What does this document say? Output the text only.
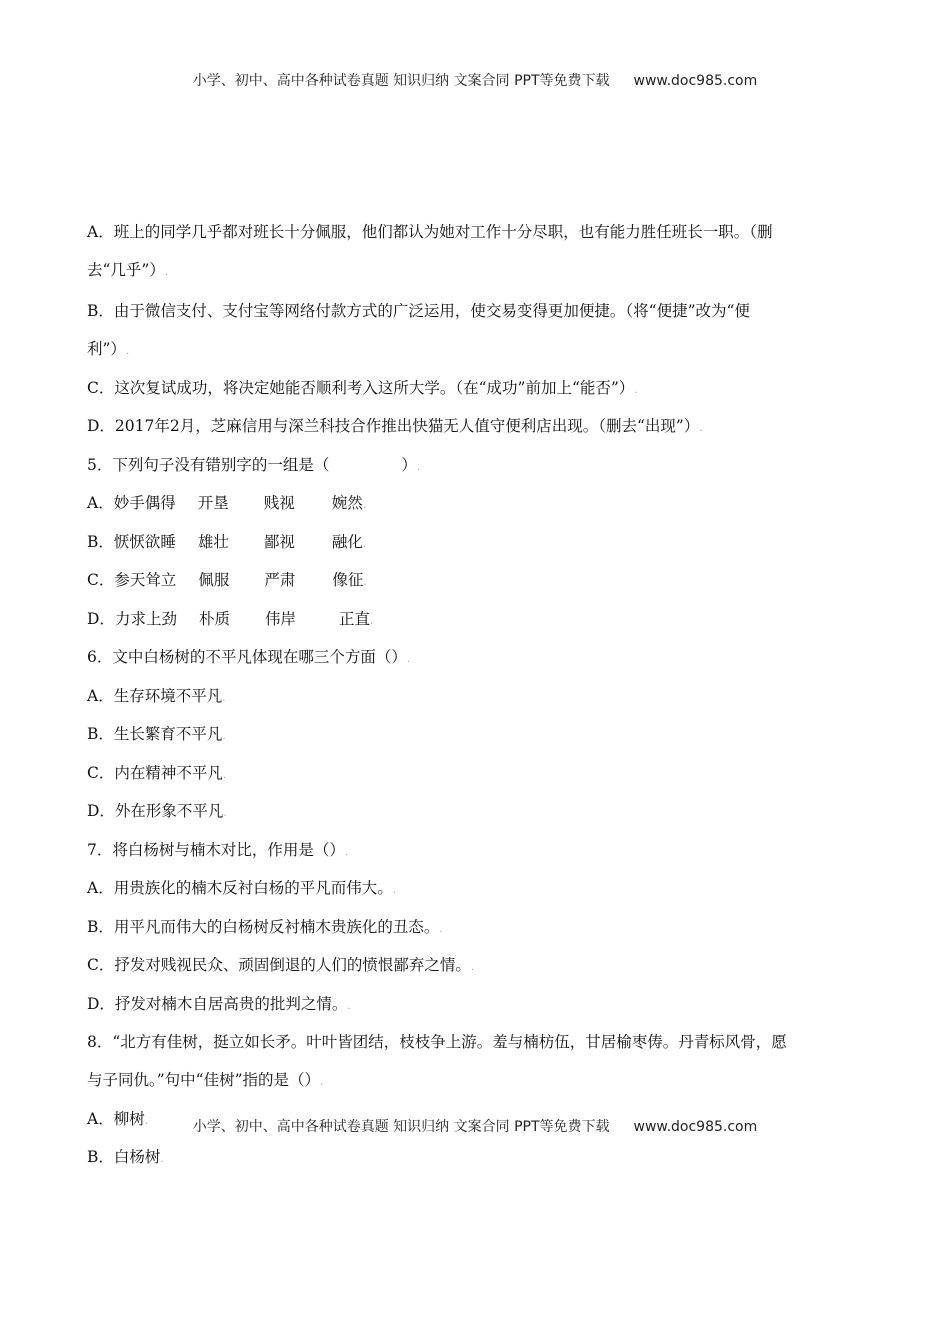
小学、初中、高中各种试卷真题 知识归纳 文案合同 PPT等免费下载 www.doc985.com

A．班上的同学几乎都对班长十分佩服，他们都认为她对工作十分尽职，也有能力胜任班长一职。（删

去“几乎”）.

B．由于微信支付、支付宝等网络付款方式的广泛运用，使交易变得更加便捷。（将“便捷”改为“便

利”）.

C．这次复试成功，将决定她能否顺利考入这所大学。（在“成功”前加上“能否”）.

D．2017年2月，芝麻信用与深兰科技合作推出快猫无人值守便利店出现。（删去“出现”）.

5．下列句子没有错别字的一组是（	）.

A．妙手偶得 开垦 贱视 婉然.

B．恹恹欲睡 雄壮 鄙视 融化.

C．参天耸立 佩服 严肃 像征.

D．力求上劲 朴质 伟岸	正直.

6．文中白杨树的不平凡体现在哪三个方面（）.

A．生存环境不平凡.

B．生长繁育不平凡.

C．内在精神不平凡.

D．外在形象不平凡.

7．将白杨树与楠木对比，作用是（）.

A．用贵族化的楠木反衬白杨的平凡而伟大。.

B．用平凡而伟大的白杨树反衬楠木贵族化的丑态。.

C．抒发对贱视民众、顽固倒退的人们的愤恨鄙弃之情。.

D．抒发对楠木自居高贵的批判之情。.

8．“北方有佳树，挺立如长矛。叶叶皆团结，枝枝争上游。羞与楠枋伍，甘居榆枣俦。丹青标风骨，愿

与子同仇。”句中“佳树”指的是（）.

A．柳树.

B．白杨树.

小学、初中、高中各种试卷真题 知识归纳 文案合同 PPT等免费下载 www.doc985.com
